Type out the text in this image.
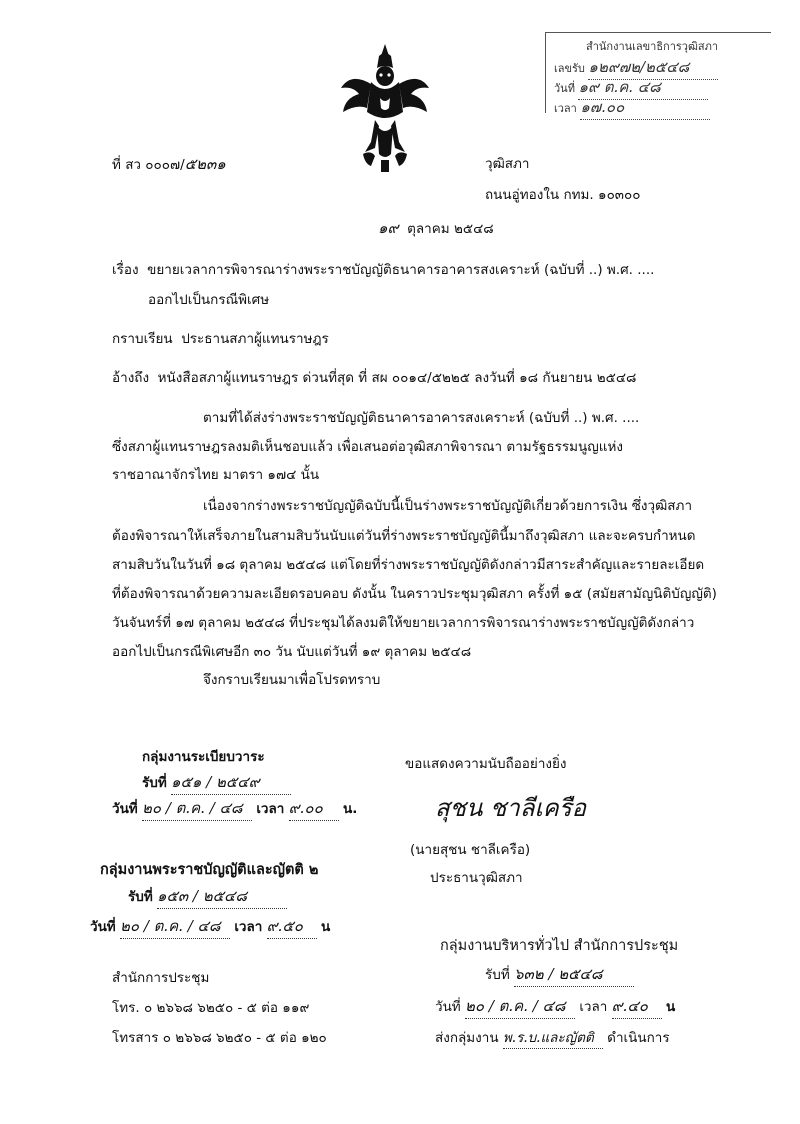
สำนักงานเลขาธิการวุฒิสภา
เลขรับ ๑๒๙๗๒/๒๕๔๘
วันที่ ๑๙ ต.ค. ๔๘
เวลา ๑๗.๐๐
ที่ สว ๐๐๐๗/๕๒๓๑	วุฒิสภา
ถนนอู่ทองใน กทม. ๑๐๓๐๐
๑๙ ตุลาคม ๒๕๔๘
เรื่อง ขยายเวลาการพิจารณาร่างพระราชบัญญัติธนาคารอาคารสงเคราะห์ (ฉบับที่ ..) พ.ศ. ....
ออกไปเป็นกรณีพิเศษ
กราบเรียน ประธานสภาผู้แทนราษฎร
อ้างถึง หนังสือสภาผู้แทนราษฎร ด่วนที่สุด ที่ สผ ๐๐๑๔/๕๒๒๕ ลงวันที่ ๑๘ กันยายน ๒๕๔๘
ตามที่ได้ส่งร่างพระราชบัญญัติธนาคารอาคารสงเคราะห์ (ฉบับที่ ..) พ.ศ. ....
ซึ่งสภาผู้แทนราษฎรลงมติเห็นชอบแล้ว เพื่อเสนอต่อวุฒิสภาพิจารณา ตามรัฐธรรมนูญแห่ง
ราชอาณาจักรไทย มาตรา ๑๗๔ นั้น
เนื่องจากร่างพระราชบัญญัติฉบับนี้เป็นร่างพระราชบัญญัติเกี่ยวด้วยการเงิน ซึ่งวุฒิสภา
ต้องพิจารณาให้เสร็จภายในสามสิบวันนับแต่วันที่ร่างพระราชบัญญัตินี้มาถึงวุฒิสภา และจะครบกำหนด
สามสิบวันในวันที่ ๑๘ ตุลาคม ๒๕๔๘ แต่โดยที่ร่างพระราชบัญญัติดังกล่าวมีสาระสำคัญและรายละเอียด
ที่ต้องพิจารณาด้วยความละเอียดรอบคอบ ดังนั้น ในคราวประชุมวุฒิสภา ครั้งที่ ๑๕ (สมัยสามัญนิติบัญญัติ)
วันจันทร์ที่ ๑๗ ตุลาคม ๒๕๔๘ ที่ประชุมได้ลงมติให้ขยายเวลาการพิจารณาร่างพระราชบัญญัติดังกล่าว
ออกไปเป็นกรณีพิเศษอีก ๓๐ วัน นับแต่วันที่ ๑๙ ตุลาคม ๒๕๔๘
จึงกราบเรียนมาเพื่อโปรดทราบ
ขอแสดงความนับถืออย่างยิ่ง
สุชน ชาลีเครือ
(นายสุชน ชาลีเครือ)
ประธานวุฒิสภา
กลุ่มงานระเบียบวาระ
รับที่ ๑๕๑ / ๒๕๔๙
วันที่ ๒๐ / ต.ค. / ๔๘ เวลา ๙.๐๐ น.
กลุ่มงานพระราชบัญญัติและญัตติ ๒
รับที่ ๑๕๓ / ๒๕๔๘
วันที่ ๒๐ / ต.ค. / ๔๘ เวลา ๙.๕๐ น
กลุ่มงานบริหารทั่วไป สำนักการประชุม
รับที่ ๖๓๒ / ๒๕๔๘
วันที่ ๒๐ / ต.ค. / ๔๘ เวลา ๙.๔๐ น
ส่งกลุ่มงาน พ.ร.บ.และญัตติ ดำเนินการ
สำนักการประชุม
โทร. ๐ ๒๖๖๘ ๖๒๕๐ - ๕ ต่อ ๑๑๙
โทรสาร ๐ ๒๖๖๘ ๖๒๕๐ - ๕ ต่อ ๑๒๐
